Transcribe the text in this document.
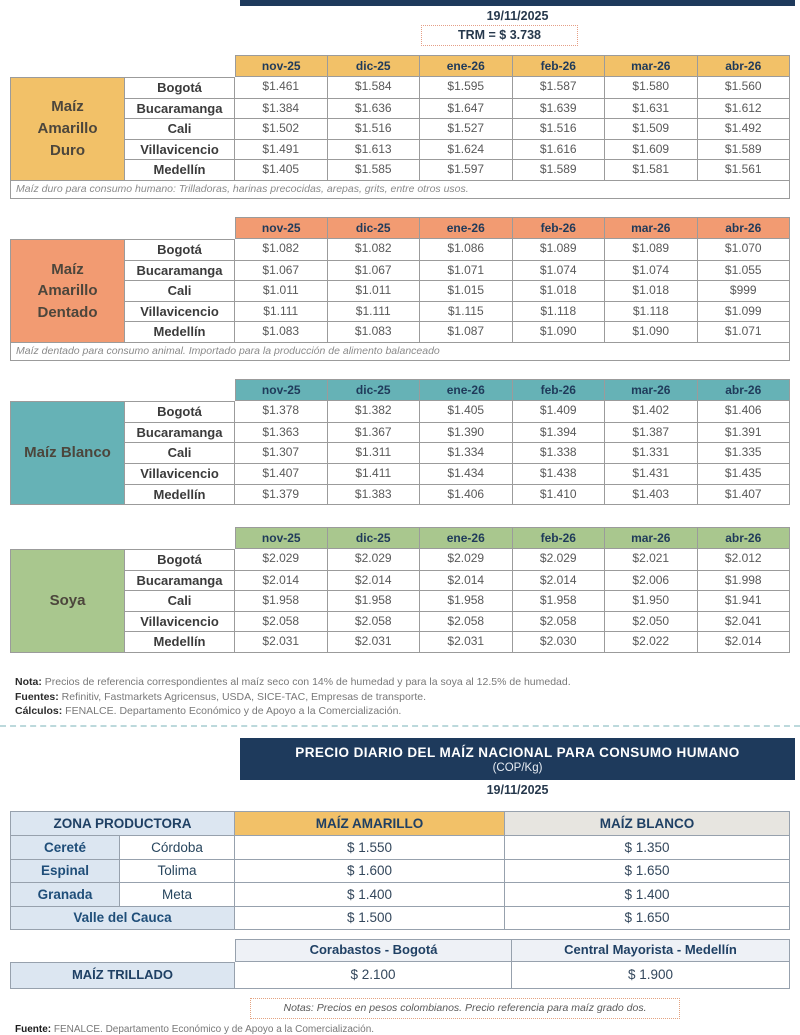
19/11/2025
TRM = $ 3.738
nov-25	dic-25	ene-26	feb-26	mar-26	abr-26
Maíz Amarillo Duro
Bogotá	$1.461	$1.584	$1.595	$1.587	$1.580	$1.560
Bucaramanga	$1.384	$1.636	$1.647	$1.639	$1.631	$1.612
Cali	$1.502	$1.516	$1.527	$1.516	$1.509	$1.492
Villavicencio	$1.491	$1.613	$1.624	$1.616	$1.609	$1.589
Medellín	$1.405	$1.585	$1.597	$1.589	$1.581	$1.561
Maíz duro para consumo humano: Trilladoras, harinas precocidas, arepas, grits, entre otros usos.
nov-25	dic-25	ene-26	feb-26	mar-26	abr-26
Maíz Amarillo Dentado
Bogotá	$1.082	$1.082	$1.086	$1.089	$1.089	$1.070
Bucaramanga	$1.067	$1.067	$1.071	$1.074	$1.074	$1.055
Cali	$1.011	$1.011	$1.015	$1.018	$1.018	$999
Villavicencio	$1.111	$1.111	$1.115	$1.118	$1.118	$1.099
Medellín	$1.083	$1.083	$1.087	$1.090	$1.090	$1.071
Maíz dentado para consumo animal. Importado para la producción de alimento balanceado
nov-25	dic-25	ene-26	feb-26	mar-26	abr-26
Maíz Blanco
Bogotá	$1.378	$1.382	$1.405	$1.409	$1.402	$1.406
Bucaramanga	$1.363	$1.367	$1.390	$1.394	$1.387	$1.391
Cali	$1.307	$1.311	$1.334	$1.338	$1.331	$1.335
Villavicencio	$1.407	$1.411	$1.434	$1.438	$1.431	$1.435
Medellín	$1.379	$1.383	$1.406	$1.410	$1.403	$1.407
nov-25	dic-25	ene-26	feb-26	mar-26	abr-26
Soya
Bogotá	$2.029	$2.029	$2.029	$2.029	$2.021	$2.012
Bucaramanga	$2.014	$2.014	$2.014	$2.014	$2.006	$1.998
Cali	$1.958	$1.958	$1.958	$1.958	$1.950	$1.941
Villavicencio	$2.058	$2.058	$2.058	$2.058	$2.050	$2.041
Medellín	$2.031	$2.031	$2.031	$2.030	$2.022	$2.014
Nota: Precios de referencia correspondientes al maíz seco con 14% de humedad y para la soya al 12.5% de humedad.
Fuentes: Refinitiv, Fastmarkets Agricensus, USDA, SICE-TAC, Empresas de transporte.
Cálculos: FENALCE. Departamento Económico y de Apoyo a la Comercialización.
PRECIO DIARIO DEL MAÍZ NACIONAL PARA CONSUMO HUMANO
(COP/Kg)
19/11/2025
ZONA PRODUCTORA	MAÍZ AMARILLO	MAÍZ BLANCO
Cereté	Córdoba	$ 1.550	$ 1.350
Espinal	Tolima	$ 1.600	$ 1.650
Granada	Meta	$ 1.400	$ 1.400
Valle del Cauca	$ 1.500	$ 1.650
Corabastos - Bogotá	Central Mayorista - Medellín
MAÍZ TRILLADO	$ 2.100	$ 1.900
Notas: Precios en pesos colombianos. Precio referencia para maíz grado dos.
Fuente: FENALCE. Departamento Económico y de Apoyo a la Comercialización.
